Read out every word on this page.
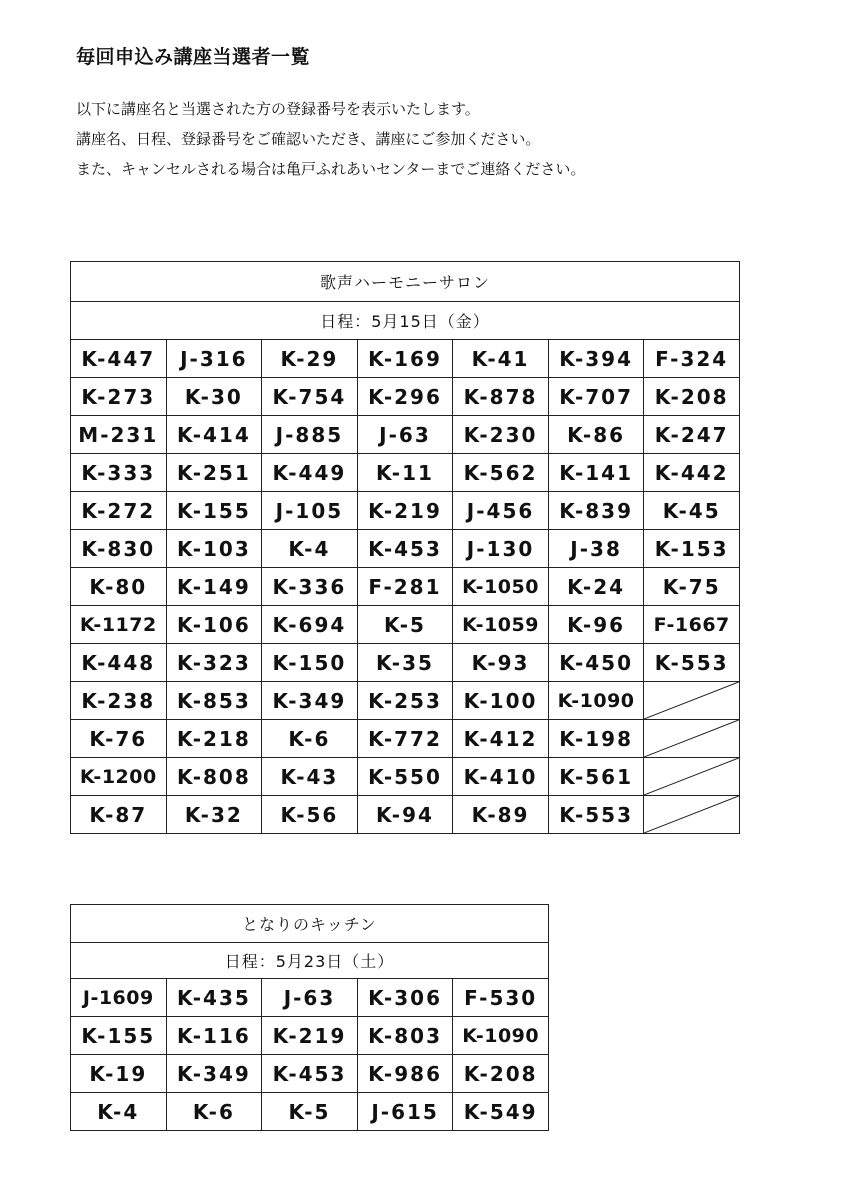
毎回申込み講座当選者一覧
以下に講座名と当選された方の登録番号を表示いたします。
講座名、日程、登録番号をご確認いただき、講座にご参加ください。
また、キャンセルされる場合は亀戸ふれあいセンターまでご連絡ください。
歌声ハーモニーサロン						
日程：5月15日（金）						
K-447	J-316	K-29	K-169	K-41	K-394	F-324
K-273	K-30	K-754	K-296	K-878	K-707	K-208
M-231	K-414	J-885	J-63	K-230	K-86	K-247
K-333	K-251	K-449	K-11	K-562	K-141	K-442
K-272	K-155	J-105	K-219	J-456	K-839	K-45
K-830	K-103	K-4	K-453	J-130	J-38	K-153
K-80	K-149	K-336	F-281	K-1050	K-24	K-75
K-1172	K-106	K-694	K-5	K-1059	K-96	F-1667
K-448	K-323	K-150	K-35	K-93	K-450	K-553
K-238	K-853	K-349	K-253	K-100	K-1090	

K-76	K-218	K-6	K-772	K-412	K-198	

K-1200	K-808	K-43	K-550	K-410	K-561	

K-87	K-32	K-56	K-94	K-89	K-553	
となりのキッチン				
日程：5月23日（土）				
J-1609	K-435	J-63	K-306	F-530
K-155	K-116	K-219	K-803	K-1090
K-19	K-349	K-453	K-986	K-208
K-4	K-6	K-5	J-615	K-549
